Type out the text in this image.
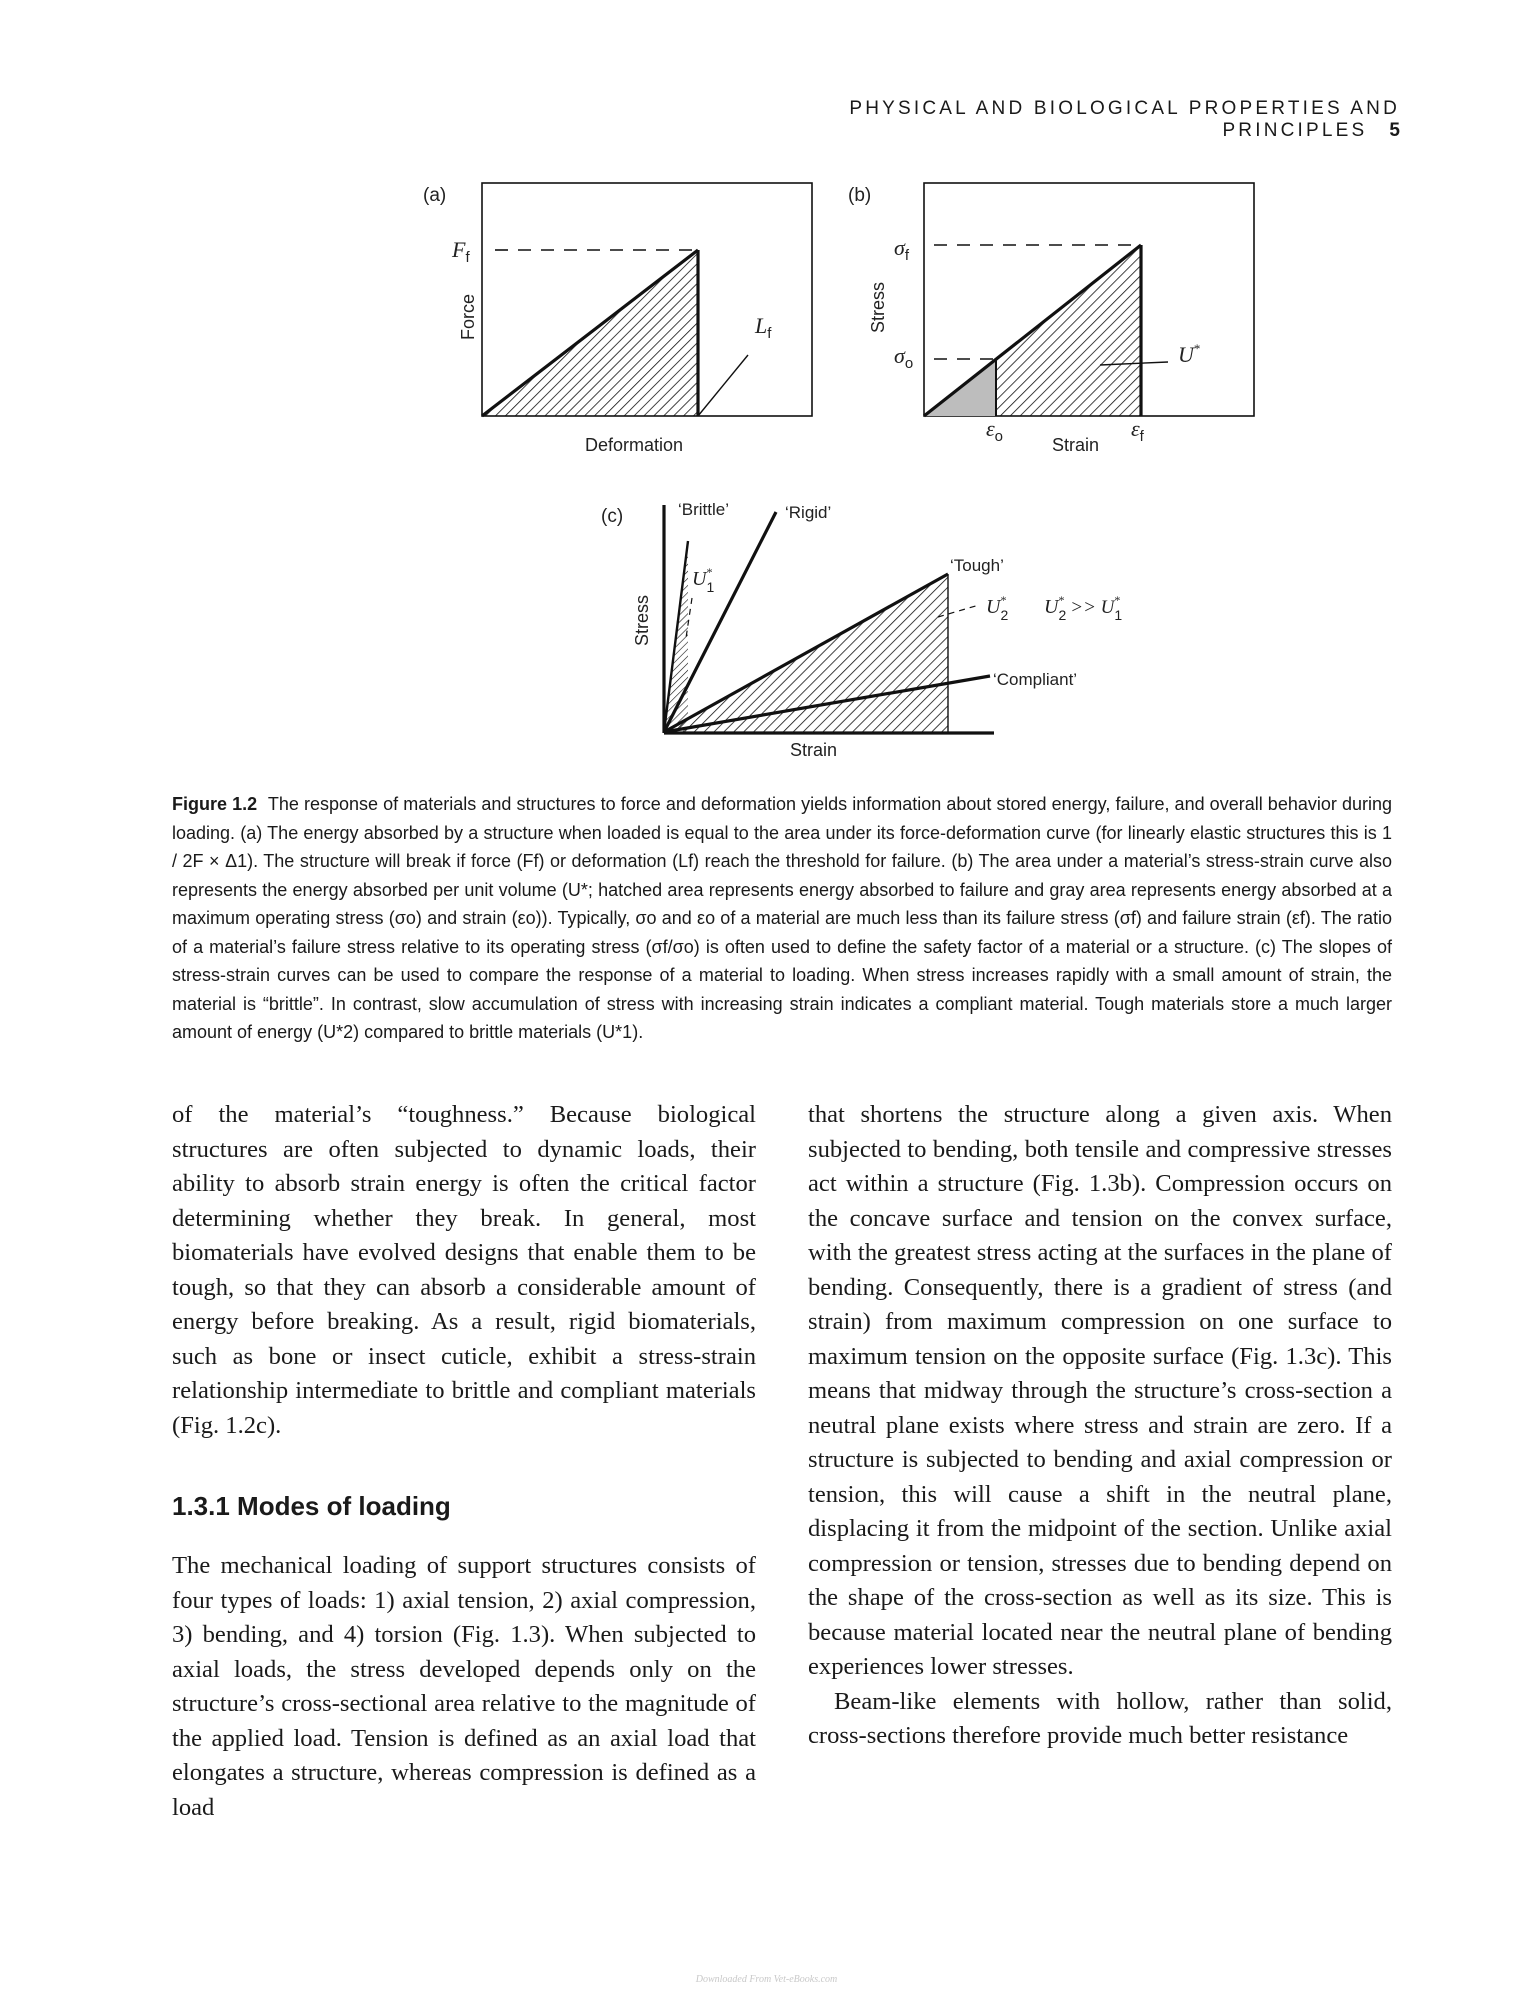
PHYSICAL AND BIOLOGICAL PROPERTIES AND PRINCIPLES 5
(a)
$F_f$
$L_f$
Force
Deformation
(b)
$\sigma_f$
$\sigma_o$
$\varepsilon_o$	$\varepsilon_f$
U*
Stress
Strain
(c)	‘Brittle’	‘Rigid’
‘Tough’
‘Compliant’
U* 1
U* 2 U* 2 >> U* 1
Stress
Strain
Figure 1.2 The response of materials and structures to force and deformation yields information about stored energy, failure, and overall behavior during loading. (a) The energy absorbed by a structure when loaded is equal to the area under its force-deformation curve (for linearly elastic structures this is 1 / 2F × Δ1). The structure will break if force (Ff) or deformation (Lf) reach the threshold for failure. (b) The area under a material’s stress-strain curve also represents the energy absorbed per unit volume (U*; hatched area represents energy absorbed to failure and gray area represents energy absorbed at a maximum operating stress (σo) and strain (εo)). Typically, σo and εo of a material are much less than its failure stress (σf) and failure strain (εf). The ratio of a material’s failure stress relative to its operating stress (σf/σo) is often used to define the safety factor of a material or a structure. (c) The slopes of stress-strain curves can be used to compare the response of a material to loading. When stress increases rapidly with a small amount of strain, the material is “brittle”. In contrast, slow accumulation of stress with increasing strain indicates a compliant material. Tough materials store a much larger amount of energy (U*2) compared to brittle materials (U*1).

of the material’s “toughness.” Because biological structures are often subjected to dynamic loads, their ability to absorb strain energy is often the critical factor determining whether they break. In general, most biomaterials have evolved designs that enable them to be tough, so that they can absorb a considerable amount of energy before breaking. As a result, rigid biomaterials, such as bone or insect cuticle, exhibit a stress-strain relationship intermediate to brittle and compliant materials (Fig. 1.2c).

1.3.1 Modes of loading

The mechanical loading of support structures consists of four types of loads: 1) axial tension, 2) axial compression, 3) bending, and 4) torsion (Fig. 1.3). When subjected to axial loads, the stress developed depends only on the structure’s cross-sectional area relative to the magnitude of the applied load. Tension is defined as an axial load that elongates a structure, whereas compression is defined as a load

that shortens the structure along a given axis. When subjected to bending, both tensile and compressive stresses act within a structure (Fig. 1.3b). Compression occurs on the concave surface and tension on the convex surface, with the greatest stress acting at the surfaces in the plane of bending. Consequently, there is a gradient of stress (and strain) from maximum compression on one surface to maximum tension on the opposite surface (Fig. 1.3c). This means that midway through the structure’s cross-section a neutral plane exists where stress and strain are zero. If a structure is subjected to bending and axial compression or tension, this will cause a shift in the neutral plane, displacing it from the midpoint of the section. Unlike axial compression or tension, stresses due to bending depend on the shape of the cross-section as well as its size. This is because material located near the neutral plane of bending experiences lower stresses.

Beam-like elements with hollow, rather than solid, cross-sections therefore provide much better resistance

Downloaded From Vet-eBooks.com
